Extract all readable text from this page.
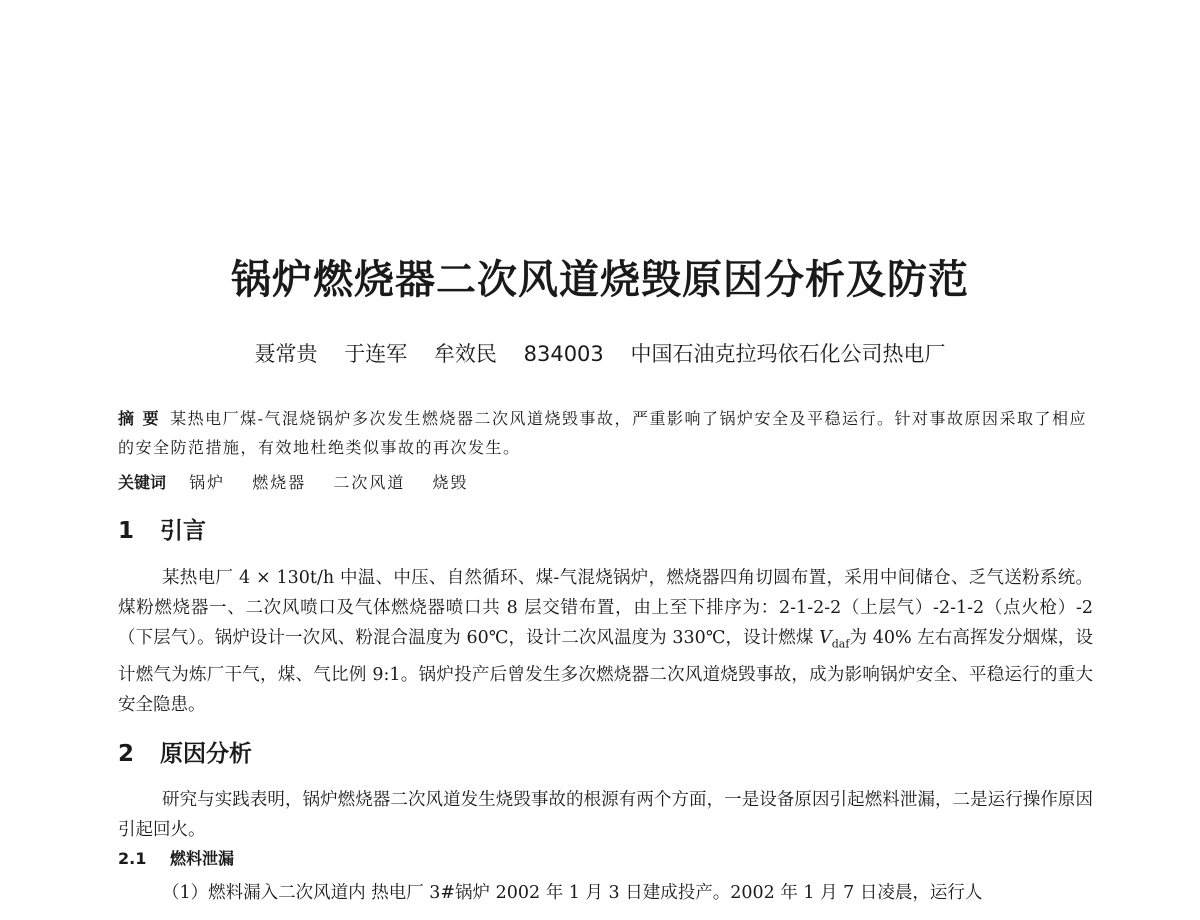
锅炉燃烧器二次风道烧毁原因分析及防范
聂常贵    于连军    牟效民    834003    中国石油克拉玛依石化公司热电厂
摘 要 某热电厂煤-气混烧锅炉多次发生燃烧器二次风道烧毁事故，严重影响了锅炉安全及平稳运行。针对事故原因采取了相应的安全防范措施，有效地杜绝类似事故的再次发生。
关键词 锅炉 燃烧器 二次风道 烧毁
1 引言
某热电厂 4 × 130t/h 中温、中压、自然循环、煤-气混烧锅炉，燃烧器四角切圆布置，采用中间储仓、乏气送粉系统。煤粉燃烧器一、二次风喷口及气体燃烧器喷口共 8 层交错布置，由上至下排序为：2-1-2-2（上层气）-2-1-2（点火枪）-2（下层气）。锅炉设计一次风、粉混合温度为 60℃，设计二次风温度为 330℃，设计燃煤 $V_{daf}$为 40% 左右高挥发分烟煤，设计燃气为炼厂干气，煤、气比例 9:1。锅炉投产后曾发生多次燃烧器二次风道烧毁事故，成为影响锅炉安全、平稳运行的重大安全隐患。
2 原因分析
研究与实践表明，锅炉燃烧器二次风道发生烧毁事故的根源有两个方面，一是设备原因引起燃料泄漏，二是运行操作原因引起回火。
2.1 燃料泄漏
（1）燃料漏入二次风道内 热电厂 3#锅炉 2002 年 1 月 3 日建成投产。2002 年 1 月 7 日凌晨，运行人
